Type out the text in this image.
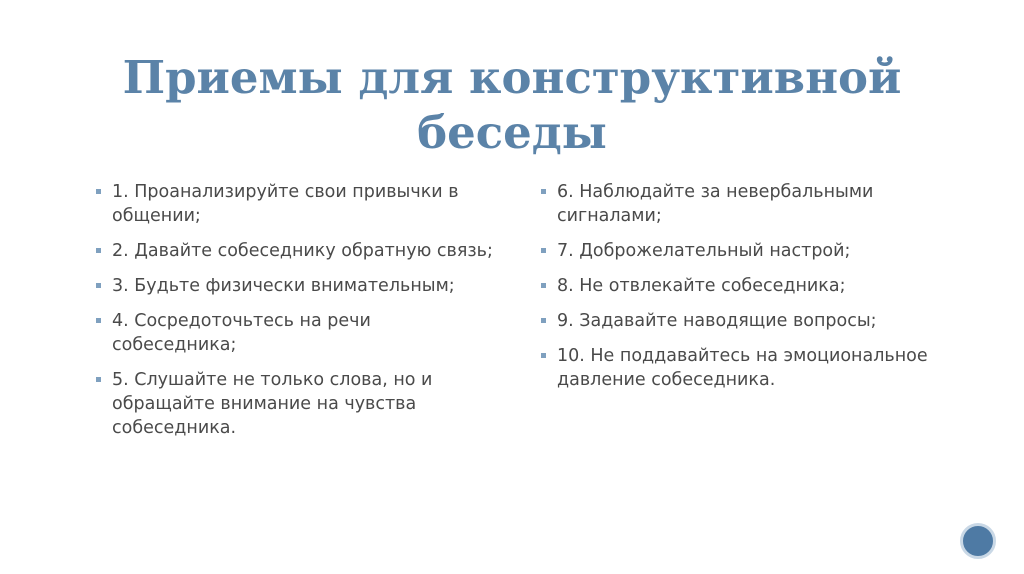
Приемы для конструктивной
беседы
1. Проанализируйте свои привычки в общении;
2. Давайте собеседнику обратную связь;
3. Будьте физически внимательным;
4. Сосредоточьтесь на речи собеседника;
5. Слушайте не только слова, но и обращайте внимание на чувства собеседника.
6. Наблюдайте за невербальными сигналами;
7. Доброжелательный настрой;
8. Не отвлекайте собеседника;
9. Задавайте наводящие вопросы;
10. Не поддавайтесь на эмоциональное давление собеседника.
